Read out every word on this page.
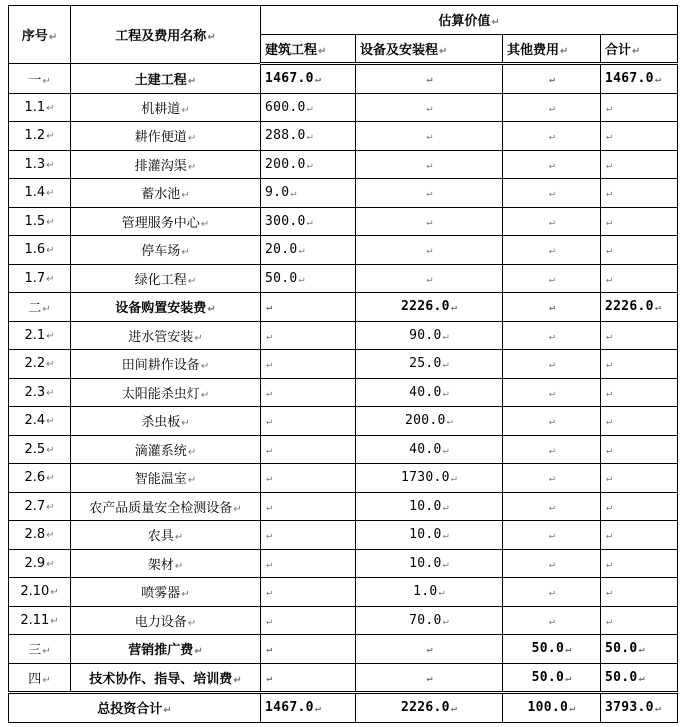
序号↵	工程及费用名称↵	估算价值↵			
		建筑工程↵	设备及安装程↵	其他费用↵	合计↵
一↵	土建工程↵	1467.0↵	↵	↵	1467.0↵
1.1↵	机耕道↵	600.0↵	↵	↵	↵
1.2↵	耕作便道↵	288.0↵	↵	↵	↵
1.3↵	排灌沟渠↵	200.0↵	↵	↵	↵
1.4↵	蓄水池↵	9.0↵	↵	↵	↵
1.5↵	管理服务中心↵	300.0↵	↵	↵	↵
1.6↵	停车场↵	20.0↵	↵	↵	↵
1.7↵	绿化工程↵	50.0↵	↵	↵	↵
二↵	设备购置安装费↵	↵	2226.0↵	↵	2226.0↵
2.1↵	进水管安装↵	↵	90.0↵	↵	↵
2.2↵	田间耕作设备↵	↵	25.0↵	↵	↵
2.3↵	太阳能杀虫灯↵	↵	40.0↵	↵	↵
2.4↵	杀虫板↵	↵	200.0↵	↵	↵
2.5↵	滴灌系统↵	↵	40.0↵	↵	↵
2.6↵	智能温室↵	↵	1730.0↵	↵	↵
2.7↵	农产品质量安全检测设备↵	↵	10.0↵	↵	↵
2.8↵	农具↵	↵	10.0↵	↵	↵
2.9↵	架材↵	↵	10.0↵	↵	↵
2.10↵	喷雾器↵	↵	1.0↵	↵	↵
2.11↵	电力设备↵	↵	70.0↵	↵	↵
三↵	营销推广费↵	↵	↵	50.0↵	50.0↵
四↵	技术协作、指导、培训费↵	↵	↵	50.0↵	50.0↵
总投资合计↵		1467.0↵	2226.0↵	100.0↵	3793.0↵
